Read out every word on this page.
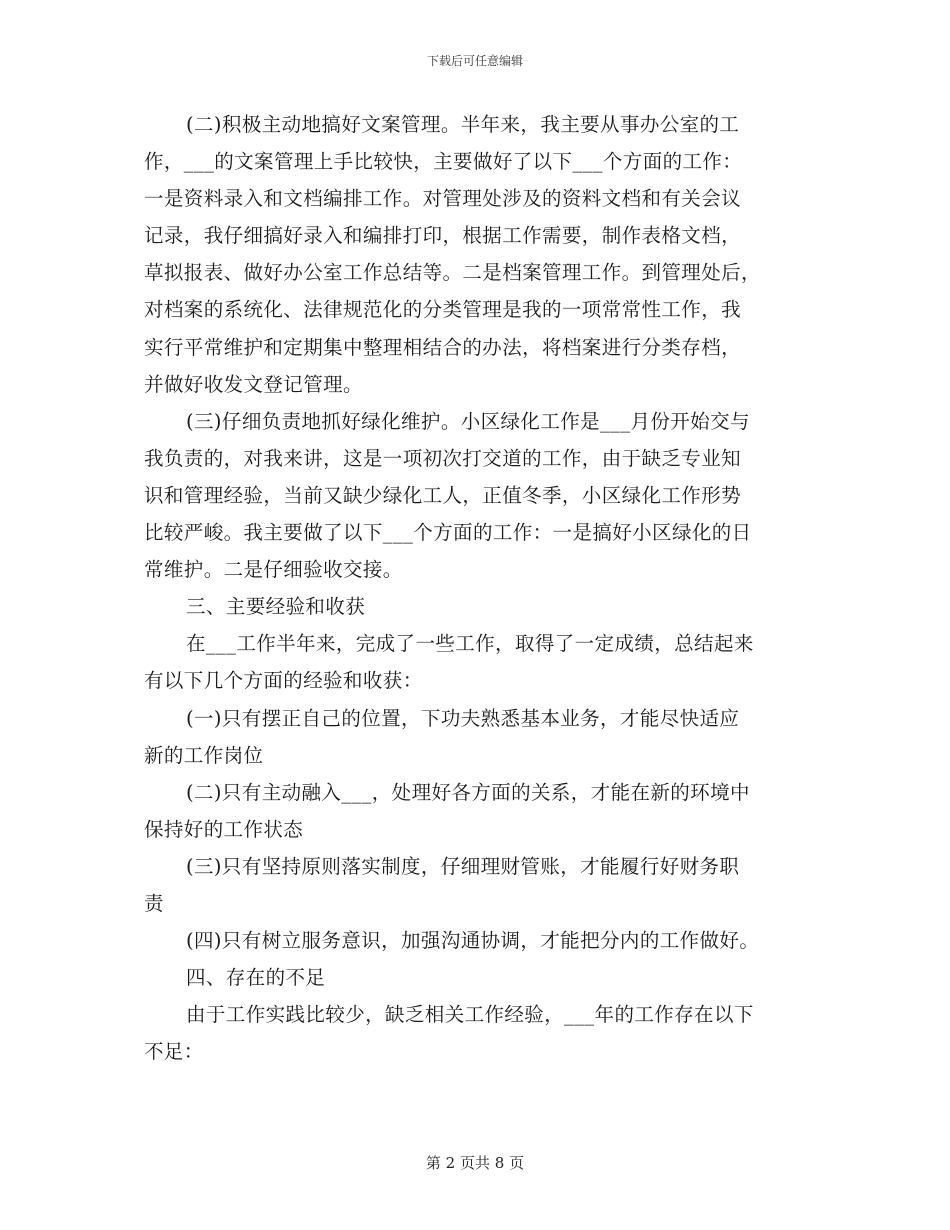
下载后可任意编辑
(二)积极主动地搞好文案管理。半年来，我主要从事办公室的工
作，___的文案管理上手比较快，主要做好了以下___个方面的工作：
一是资料录入和文档编排工作。对管理处涉及的资料文档和有关会议
记录，我仔细搞好录入和编排打印，根据工作需要，制作表格文档，
草拟报表、做好办公室工作总结等。二是档案管理工作。到管理处后，
对档案的系统化、法律规范化的分类管理是我的一项常常性工作，我
实行平常维护和定期集中整理相结合的办法，将档案进行分类存档，
并做好收发文登记管理。
(三)仔细负责地抓好绿化维护。小区绿化工作是___月份开始交与
我负责的，对我来讲，这是一项初次打交道的工作，由于缺乏专业知
识和管理经验，当前又缺少绿化工人，正值冬季，小区绿化工作形势
比较严峻。我主要做了以下___个方面的工作：一是搞好小区绿化的日
常维护。二是仔细验收交接。
三、主要经验和收获
在___工作半年来，完成了一些工作，取得了一定成绩，总结起来
有以下几个方面的经验和收获：
(一)只有摆正自己的位置，下功夫熟悉基本业务，才能尽快适应
新的工作岗位
(二)只有主动融入___，处理好各方面的关系，才能在新的环境中
保持好的工作状态
(三)只有坚持原则落实制度，仔细理财管账，才能履行好财务职
责
(四)只有树立服务意识，加强沟通协调，才能把分内的工作做好。
四、存在的不足
由于工作实践比较少，缺乏相关工作经验，___年的工作存在以下
不足：
第 2 页共 8 页
